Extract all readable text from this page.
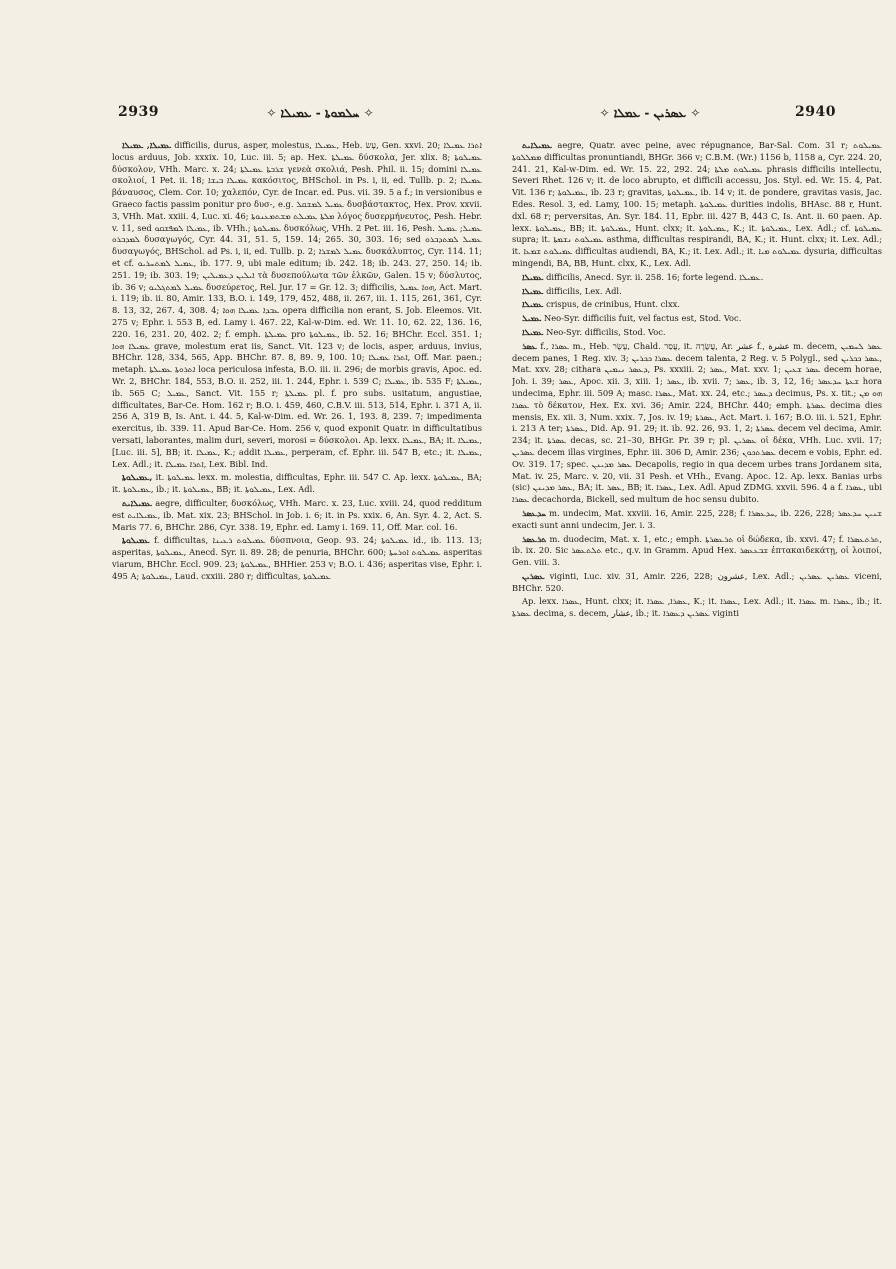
2939	✧ ܚܠܡܘܬܐ - ܥܡܝܠܐ ✧	✧ ܥܣܪܝܢ - ܥܡܠܐ ✧	2940

ܥܡܝܠܐ, ܥܡܝܠܐ difficilis, durus, asper, molestus, ܥܡܝܠܐ, Heb. עָשׂ, Gen. xxvi. 20; ܐܬܪܐ ܥܡܝܠܐ locus arduus, Job. xxxix. 10, Luc. iii. 5; ap. Hex. ܥܡܝܠܬܐ δύσκολα, Jer. xlix. 8; ܥܡܝܠܘܬܐ δύσκολον, VHh. Marc. x. 24; ܫܪܒܬܐ ܥܡܝܠܬܐ γενεὰ σκολιά, Pesh. Phil. ii. 15; domini ܥܡܝܠܐ σκολιοί, 1 Pet. ii. 18; ܥܡܝܠܐ ܒܝܫܐ κακόσιτος, BHSchol. in Ps. i, ii, ed. Tullb. p. 2; ܥܡܝܠܐ βάναυσος, Clem. Cor. 10; χαλεπόν, Cyr. de Incar. ed. Pus. vii. 39. 5 a f.; in versionibus e Graeco factis passim ponitur pro δυσ-, e.g. ܥܡܝܠ ܠܡܫܩܠ δυσβάστακτος, Hex. Prov. xxvii. 3, VHh. Mat. xxiii. 4, Luc. xi. 46; ܡܠܬܐ ܥܡܝܠܬ ܡܫܬܡܥܢܘܬܐ λόγος δυσερμήνευτος, Pesh. Hebr. v. 11, sed ܥܡܝܠܐ ܠܡܦܫܩܘ, ib. VHh.; ܥܡܝܠܘܬܐ δυσκόλως, VHh. 2 Pet. iii. 16, Pesh. ܥܡܝܠ; ܥܡܝܠ ܠܡܕܒܪܘ δυσαγωγός, Cyr. 44. 31, 51. 5, 159. 14; 265. 30, 303. 16; sed ܥܡܝܠ ܠܡܬܕܒܪܘ δυσαγωγός, BHSchol. ad Ps. i, ii, ed. Tullb. p. 2; ܥܡܝܠ ܠܡܫܪܐ δυσκάλυπτος, Cyr. 114. 11; et cf. ܥܡܝܠ ܠܡܬܚܪܝܘ, ib. 177. 9, ubi male editum; ib. 242. 18; ib. 243. 27, 250. 14; ib. 251. 19; ib. 303. 19; ܐܝܠܝܢ ܕܥܡܝܠܝܢ τὰ δυσεπούλωτα τῶν ἑλκῶν, Galen. 15 v; δύσλυτος, ib. 36 v; ܥܡܝܠ ܠܡܬܓܠܝܘ δυσεύρετος, Rel. Jur. 17 = Gr. 12. 3; difficilis, ܗܘܐ ܥܡܝܠ, Act. Mart. i. 119; ib. ii. 80, Amir. 133, B.O. i. 149, 179, 452, 488, ii. 267, iii. 1. 115, 261, 361, Cyr. 8. 13, 32, 267. 4, 308. 4; ܥܒܕܐ ܥܡܝܠܐ ܗܘܐ opera difficilia non erant, S. Job. Eleemos. Vit. 275 v; Ephr. i. 553 B, ed. Lamy i. 467. 22, Kal-w-Dim. ed. Wr. 11. 10, 62. 22, 136. 16, 220. 16, 231. 20, 402. 2; f. emph. ܥܡܝܠܬܐ pro ܥܡܝܠܘܬܐ, ib. 52. 16; BHChr. Eccl. 351. 1; ܥܡܝܠܐ ܗܘܐ grave, molestum erat iis, Sanct. Vit. 123 v; de locis, asper, arduus, invius, BHChr. 128, 334, 565, App. BHChr. 87. 8, 89. 9, 100. 10; ܐܬܪܐ ܥܡܝܠܐ, Off. Mar. paen.; metaph. ܐܬܪܘܬܐ ܥܡܝܠܬܐ loca periculosa infesta, B.O. iii. ii. 296; de morbis gravis, Apoc. ed. Wr. 2, BHChr. 184, 553, B.O. ii. 252, iii. 1. 244, Ephr. i. 539 C; ܥܡܝܠܐ, ib. 535 F; ܥܡܝܠܬܐ, ib. 565 C; ܥܡܝܠ, Sanct. Vit. 155 r; ܥܡܝܠܬܐ pl. f. pro subs. usitatum, angustiae, difficultates, Bar-Ce. Hom. 162 r; B.O. i. 459, 460, C.B.V. iii. 513, 514, Ephr. i. 371 A, ii. 256 A, 319 B, Is. Ant. i. 44. 5, Kal-w-Dim. ed. Wr. 26. 1, 193. 8, 239. 7; impedimenta exercitus, ib. 339. 11. Apud Bar-Ce. Hom. 256 v, quod exponit Quatr. in difficultatibus versati, laborantes, malim duri, severi, morosi = δύσκολοι. Ap. lexx. ܥܡܝܠܐ, BA; it. ܥܡܝܠܐ, [Luc. iii. 5], BB; it. ܥܡܝܠܐ, K.; addit ܥܡܝܠܐ, perperam, cf. Ephr. iii. 547 B, etc.; it. ܥܡܝܠܐ, Lex. Adl.; it. ܐܬܪܐ ܥܡܝܠܐ, Lex. Bibl. Ind.

ܥܡܝܠܘܬܐ, it. ܥܡܝܠܘܬܐ lexx. m. molestia, difficultas, Ephr. iii. 547 C. Ap. lexx. ܥܡܝܠܘܬܐ, BA; it. ܥܡܝܠܘܬܐ, ib.; it. ܥܡܝܠܘܬܐ, BB; it. ܥܡܝܠܘܬܐ, Lex. Adl.

ܥܡܝܠܐܝܬ aegre, difficulter, δυσκόλως, VHh. Marc. x. 23, Luc. xviii. 24, quod redditum est ܥܡܝܠܐܝܬ, ib. Mat. xix. 23; BHSchol. in Job. i. 6; it. in Ps. xxix. 6, An. Syr. 4. 2, Act. S. Maris 77. 6, BHChr. 286, Cyr. 338. 19, Ephr. ed. Lamy i. 169. 11, Off. Mar. col. 16.

ܥܡܝܠܘܬܐ f. difficultas, ܥܡܝܠܘܬ ܪܥܝܢܐ δύσπνοια, Geop. 93. 24; ܥܡܝܠܘܬܐ id., ib. 113. 13; asperitas, ܥܡܝܠܘܬܐ, Anecd. Syr. ii. 89. 28; de penuria, BHChr. 600; ܥܡܝܠܘܬ ܐܘܪܚܬܐ asperitas viarum, BHChr. Eccl. 909. 23; ܥܡܝܠܘܬܐ, BHHier. 253 v; B.O. i. 436; asperitas vise, Ephr. i. 495 A; ܥܡܝܠܘܬܐ, Laud. cxxiii. 280 r; difficultas, ܥܡܝܠܘܬܐ

ܥܡܝܠܐܝܬ aegre, Quatr. avec peine, avec répugnance, Bar-Sal. Com. 31 r; ܥܡܝܠܘܬ ܡܡܠܠܘܬܐ difficultas pronuntiandi, BHGr. 366 v; C.B.M. (Wr.) 1156 b, 1158 a, Cyr. 224. 20, 241. 21, Kal-w-Dim. ed. Wr. 15. 22, 292. 24; ܥܡܝܠܘܬ ܡܠܬܐ phrasis difficilis intellectu, Severi Rhet. 126 v; it. de loco abrupto, et difficili accessu, Jos. Styl. ed. Wr. 15. 4, Pat. Vit. 136 r; ܥܡܝܠܘܬܐ, ib. 23 r; gravitas, ܥܡܝܠܘܬܐ, ib. 14 v; it. de pondere, gravitas vasis, Jac. Edes. Resol. 3, ed. Lamy, 100. 15; metaph. ܥܡܝܠܘܬܐ durities indolis, BHAsc. 88 r, Hunt. dxl. 68 r; perversitas, An. Syr. 184. 11, Epbr. iii. 427 B, 443 C, Is. Ant. ii. 60 paen. Ap. lexx. ܥܡܝܠܘܬܐ, BB; it. ܥܡܝܠܘܬܐ, Hunt. clxx; it. ܥܡܝܠܘܬܐ, K.; it. ܥܡܝܠܘܬܐ, Lex. Adl.; cf. ܥܡܝܠܘܬܐ supra; it. ܥܡܝܠܘܬ ܢܫܡܬܐ asthma, difficultas respirandi, BA, K.; it. Hunt. clxx; it. Lex. Adl.; it. ܥܡܝܠܘܬ ܫܡܥܐ difficultas audiendi, BA, K.; it. Lex. Adl.; it. ܥܡܝܠܘܬ ܡܝܐ dysuria, difficultas mingendi, BA, BB, Hunt. clxx, K., Lex. Adl.

ܥܡܝܠܐ difficilis, Anecd. Syr. ii. 258. 16; forte legend. ܥܡܝܠܐ.

ܥܡܝܠܐ difficilis, Lex. Adl.

ܥܡܝܠܐ crispus, de crinibus, Hunt. clxx.

ܥܡܝܠ Neo-Syr. difficilis fuit, vel factus est, Stod. Voc.

ܥܡܝܠܐ Neo-Syr. difficilis, Stod. Voc.

ܥܣܪ f., ܥܣܪܐ m., Heb. עֶשֶׂר, Chald. עֲסַר, it. עֲשָׂרָה, Ar. عشر f., عشرة m. decem, ܥܣܪ ܠܚܡܝܢ decem panes, 1 Reg. xiv. 3; ܥܣܪܐ ܟܟܪܝܢ decem talenta, 2 Reg. v. 5 Polygl., sed ܥܣܪ ܟܟܪܝܢ, Mat. xxv. 28; cithara ܕܥܣܪ ܢܝܡܝܢ, Ps. xxxiii. 2; ܥܣܪ, Mat. xxv. 1; ܥܣܪ ܫܥܝܢ decem horae, Joh. i. 39; ܥܣܪ, Apoc. xii. 3, xiii. 1; ܥܣܪ, ib. xvii. 7; ܥܣܪ, ib. 3, 12, 16; ܫܥܬܐ ܚܕܥܣܪ hora undecima, Ephr. iii. 509 A; masc. ܥܣܪܐ, Mat. xx. 24, etc.; ܕܥܣܪ decimus, Ps. x. tit.; ܗܘ ܡܢ ܥܣܪܐ τὸ δέκατον, Hex. Ex. xvi. 36; Amir. 224, BHChr. 440; emph. ܥܣܪܬܐ decima dies mensis, Ex. xii. 3, Num. xxix. 7, Jos. iv. 19; ܥܣܪܬܐ, Act. Mart. i. 167; B.O. iii. i. 521, Ephr. i. 213 A ter; ܥܣܪܬܐ, Did. Ap. 91. 29; it. ib. 92. 26, 93. 1, 2; ܥܣܪܬܐ decem vel decima, Amir. 234; it. ܥܣܪܬܐ decas, sc. 21–30, BHGr. Pr. 39 r; pl. ܥܣܪܝܢ οἱ δέκα, VHh. Luc. xvii. 17; ܥܣܪܝܢ decem illas virgines, Ephr. iii. 306 D, Amir. 236; ܥܣܪܬܟܘܢ decem e vobis, Ephr. ed. Ov. 319. 17; spec. ܥܣܪ ܡܕܝܢܢ Decapolis, regio in qua decem urbes trans Jordanem sita, Mat. iv. 25, Marc. v. 20, vii. 31 Pesh. et VHh., Evang. Apoc. 12. Ap. lexx. Banias urbs (sic) ܥܣܪ ܡܕܝܢܢ, BA; it. ܥܣܪ, BB; it. ܥܣܪܐ, Lex. Adl. Apud ZDMG. xxvii. 596. 4 a f. ܥܣܪܐ, ubi ܥܣܪܐ decachorda, Bickell, sed multum de hoc sensu dubito.

ܚܕܥܣܪ m. undecim, Mat. xxviii. 16, Amir. 225, 228; f. ܚܕܥܣܪܐ, ib. 226, 228; ܫܢܝܢ ܚܕܥܣܪ exacti sunt anni undecim, Jer. i. 3.

ܬܪܥܣܪ m. duodecim, Mat. x. 1, etc.; emph. ܬܪܥܣܪܬܐ οἱ δώδεκα, ib. xxvi. 47; f. ܬܪܬܥܣܪܐ, ib. ix. 20. Sic ܬܠܬܥܣܪ etc., q.v. in Gramm. Apud Hex. ܫܒܥܥܣܪ ἑπτακαιδεκάτῃ, οἱ λοιποί, Gen. viii. 3.

ܥܣܪܝܢ viginti, Luc. xiv. 31, Amir. 226, 228; عشرون, Lex. Adl.; ܥܣܪܝܢ ܥܣܪܝܢ viceni, BHChr. 520.

Ap. lexx. ܥܣܪܐ, Hunt. clxx; it. ܥܣܪܐ, ܥܣܪܐ, K.; it. ܥܣܪܐ, Lex. Adl.; it. ܥܣܪܐ m. ܥܣܪܐ, ib.; it. ܥܣܪܬܐ decima, s. decem, عشار, ib.; it. ܥܣܪܝܢ ܕܥܣܪܐ viginti
